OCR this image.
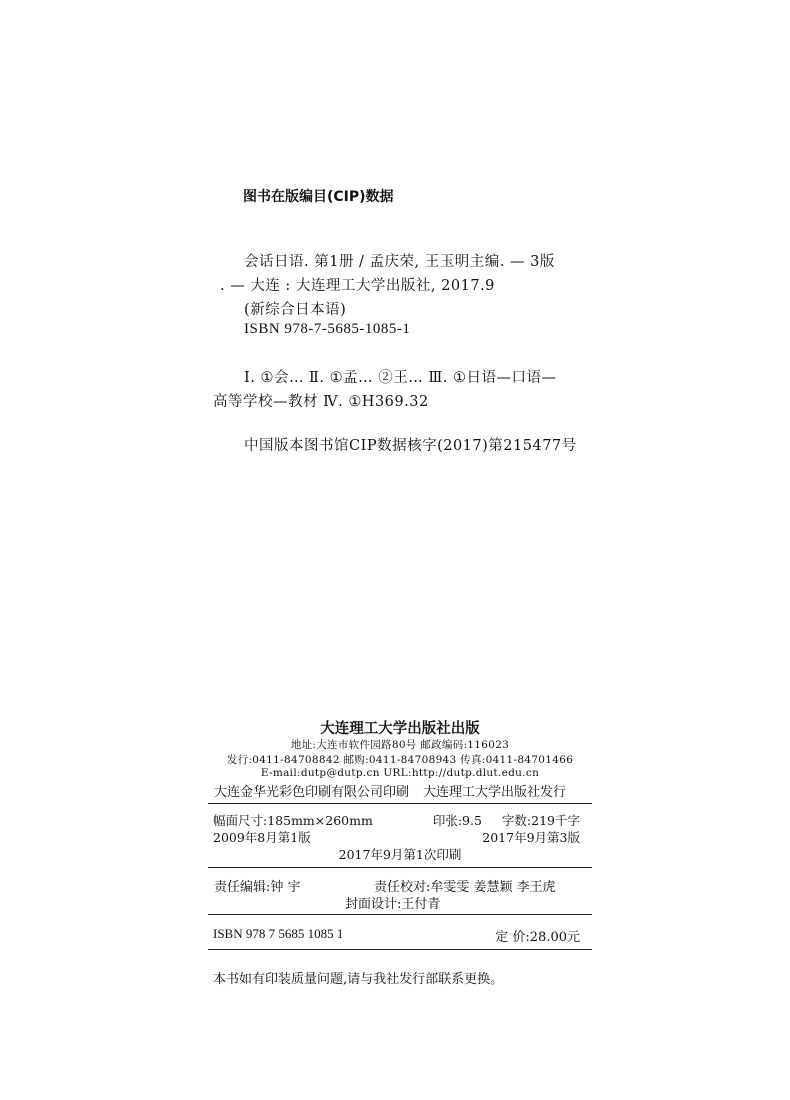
图书在版编目(CIP)数据
会话日语. 第1册 / 孟庆荣, 王玉明主编. — 3版
. — 大连 : 大连理工大学出版社, 2017.9
(新综合日本语)
ISBN 978-7-5685-1085-1
Ⅰ. ①会… Ⅱ. ①孟… ②王… Ⅲ. ①日语—口语—
高等学校—教材 Ⅳ. ①H369.32
中国版本图书馆CIP数据核字(2017)第215477号
大连理工大学出版社出版
地址:大连市软件园路80号 邮政编码:116023
发行:0411-84708842 邮购:0411-84708943 传真:0411-84701466
E-mail:dutp@dutp.cn URL:http://dutp.dlut.edu.cn
大连金华光彩色印刷有限公司印刷 大连理工大学出版社发行
幅面尺寸:185mm×260mm	印张:9.5 字数:219千字
2009年8月第1版	2017年9月第3版
2017年9月第1次印刷
责任编辑:钟 宇	责任校对:牟雯雯 姜慧颖 李王虎
封面设计:王付青
ISBN 978 7 5685 1085 1	定 价:28.00元
本书如有印装质量问题,请与我社发行部联系更换。
